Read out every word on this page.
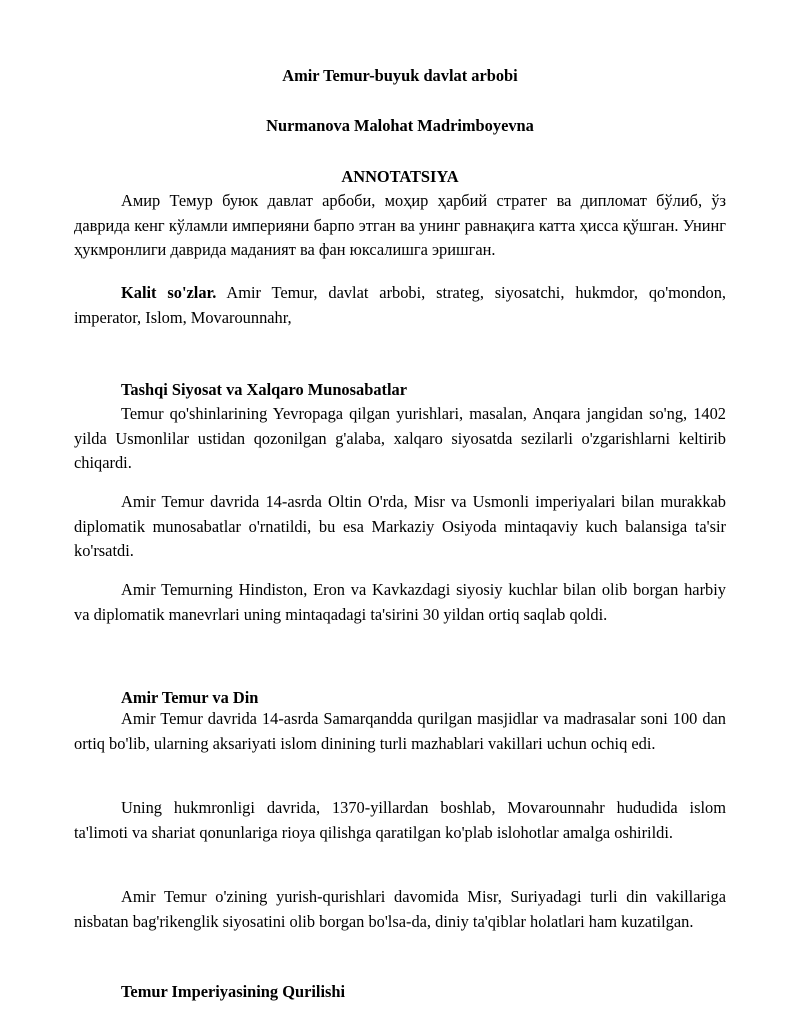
Amir Temur-buyuk davlat arbobi
Nurmanova Malohat Madrimboyevna
ANNOTATSIYA

Амир Темур буюк давлат арбоби, моҳир ҳарбий стратег ва дипломат бўлиб, ўз даврида кенг кўламли империяни барпо этган ва унинг равнақига катта ҳисса қўшган. Унинг ҳукмронлиги даврида маданият ва фан юксалишга эришган.

Kalit so'zlar. Amir Temur, davlat arbobi, strateg, siyosatchi, hukmdor, qo'mondon, imperator, Islom, Movarounnahr,

Tashqi Siyosat va Xalqaro Munosabatlar

Temur qo'shinlarining Yevropaga qilgan yurishlari, masalan, Anqara jangidan so'ng, 1402 yilda Usmonlilar ustidan qozonilgan g'alaba, xalqaro siyosatda sezilarli o'zgarishlarni keltirib chiqardi.

Amir Temur davrida 14-asrda Oltin O'rda, Misr va Usmonli imperiyalari bilan murakkab diplomatik munosabatlar o'rnatildi, bu esa Markaziy Osiyoda mintaqaviy kuch balansiga ta'sir ko'rsatdi.

Amir Temurning Hindiston, Eron va Kavkazdagi siyosiy kuchlar bilan olib borgan harbiy va diplomatik manevrlari uning mintaqadagi ta'sirini 30 yildan ortiq saqlab qoldi.

Amir Temur va Din

Amir Temur davrida 14-asrda Samarqandda qurilgan masjidlar va madrasalar soni 100 dan ortiq bo'lib, ularning aksariyati islom dinining turli mazhablari vakillari uchun ochiq edi.

Uning hukmronligi davrida, 1370-yillardan boshlab, Movarounnahr hududida islom ta'limoti va shariat qonunlariga rioya qilishga qaratilgan ko'plab islohotlar amalga oshirildi.

Amir Temur o'zining yurish-qurishlari davomida Misr, Suriyadagi turli din vakillariga nisbatan bag'rikenglik siyosatini olib borgan bo'lsa-da, diniy ta'qiblar holatlari ham kuzatilgan.

Temur Imperiyasining Qurilishi
